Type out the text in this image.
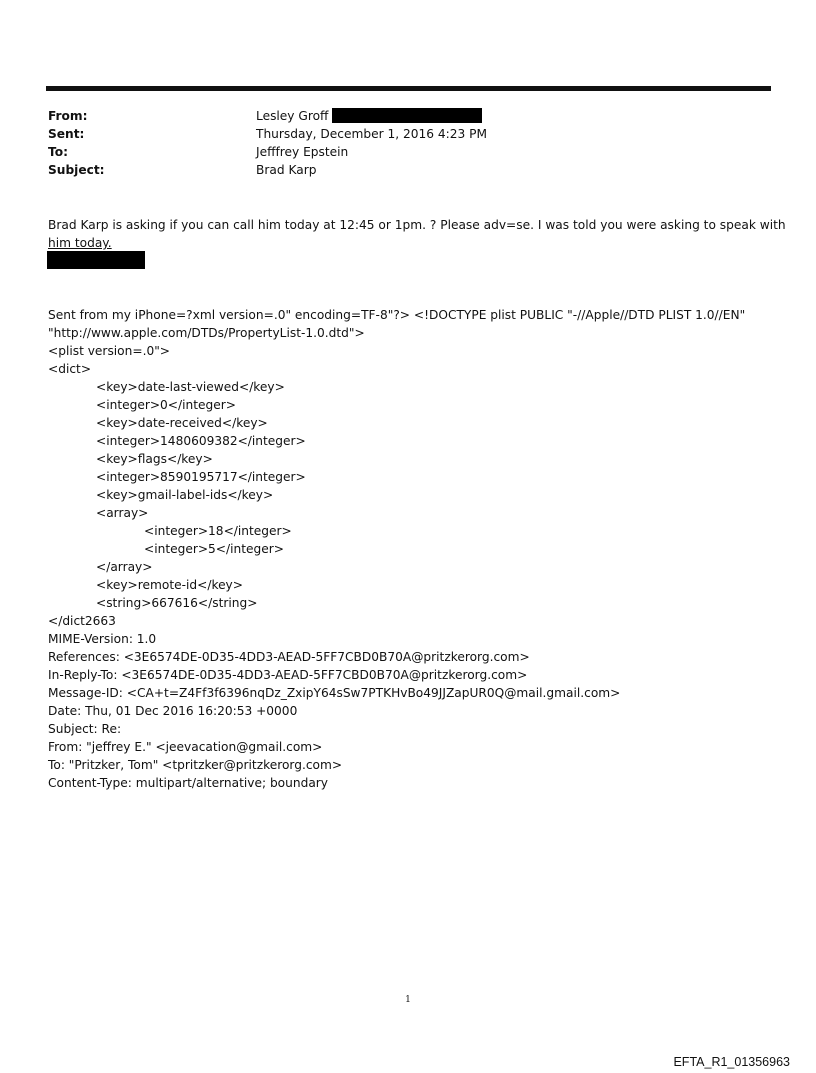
From:	Lesley Groff
Sent:	Thursday, December 1, 2016 4:23 PM
To:	Jefffrey Epstein
Subject:	Brad Karp
Brad Karp is asking if you can call him today at 12:45 or 1pm. ? Please adv=se. I was told you were asking to speak with
him today.
Sent from my iPhone=?xml version=.0" encoding=TF-8"?> <!DOCTYPE plist PUBLIC "-//Apple//DTD PLIST 1.0//EN"
"http://www.apple.com/DTDs/PropertyList-1.0.dtd">
<plist version=.0">
<dict>
<key>date-last-viewed</key>
<integer>0</integer>
<key>date-received</key>
<integer>1480609382</integer>
<key>flags</key>
<integer>8590195717</integer>
<key>gmail-label-ids</key>
<array>
<integer>18</integer>
<integer>5</integer>
</array>
<key>remote-id</key>
<string>667616</string>
</dict2663
MIME-Version: 1.0
References: <3E6574DE-0D35-4DD3-AEAD-5FF7CBD0B70A@pritzkerorg.com>
In-Reply-To: <3E6574DE-0D35-4DD3-AEAD-5FF7CBD0B70A@pritzkerorg.com>
Message-ID: <CA+t=Z4Ff3f6396nqDz_ZxipY64sSw7PTKHvBo49JJZapUR0Q@mail.gmail.com>
Date: Thu, 01 Dec 2016 16:20:53 +0000
Subject: Re:
From: "jeffrey E." <jeevacation@gmail.com>
To: "Pritzker, Tom" <tpritzker@pritzkerorg.com>
Content-Type: multipart/alternative; boundary
1
EFTA_R1_01356963
